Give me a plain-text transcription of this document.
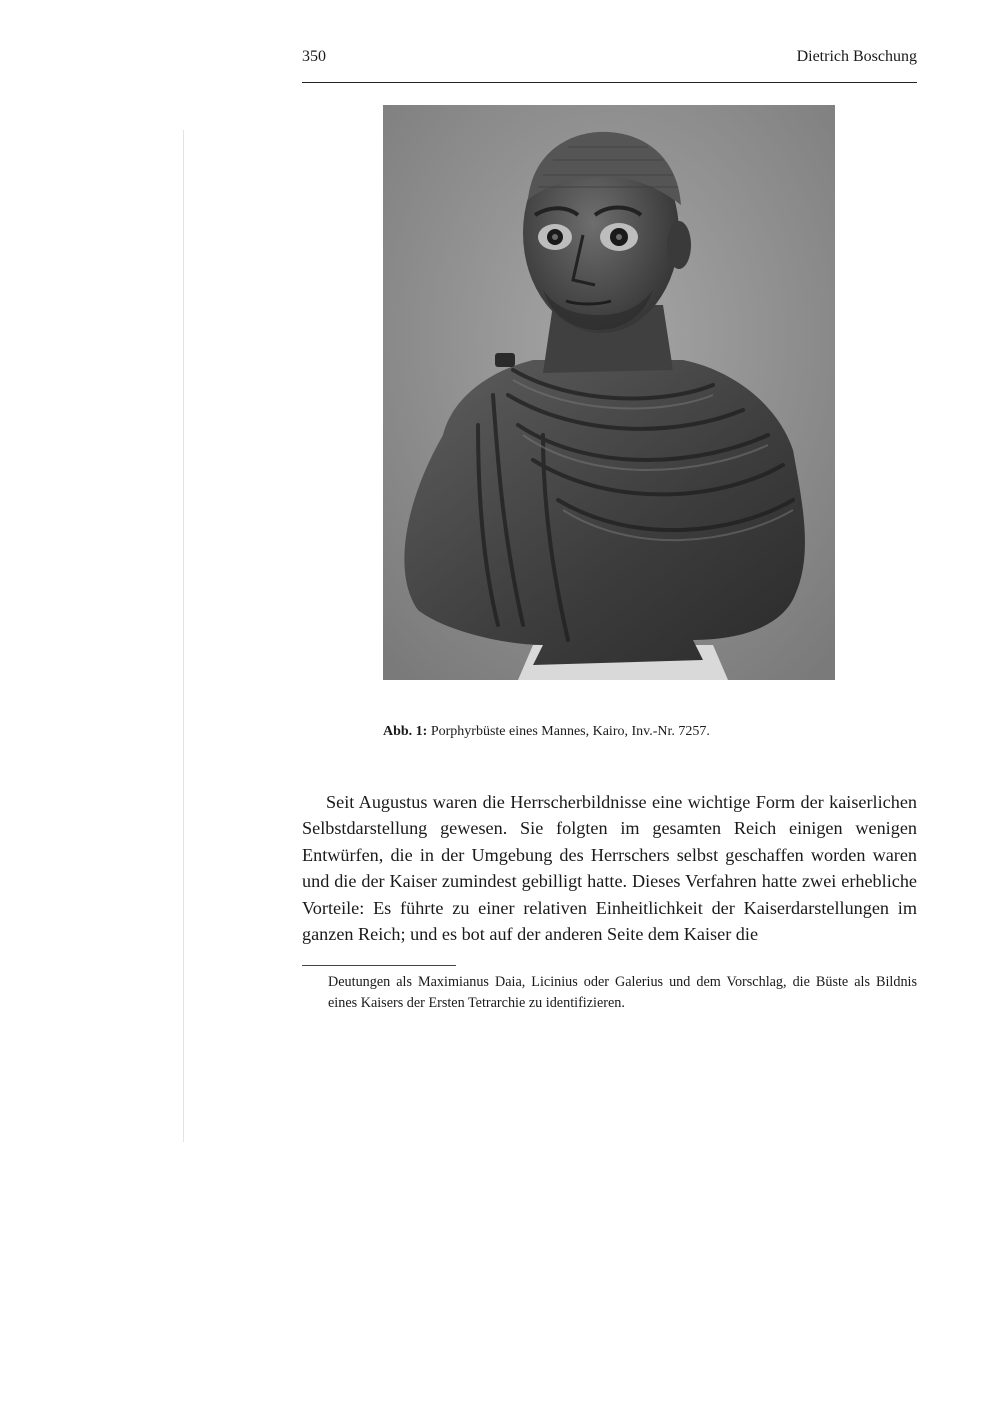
350	Dietrich Boschung
Abb. 1: Porphyrbüste eines Mannes, Kairo, Inv.-Nr. 7257.

Seit Augustus waren die Herrscherbildnisse eine wichtige Form der kaiserlichen Selbstdarstellung gewesen. Sie folgten im gesamten Reich einigen wenigen Entwürfen, die in der Umgebung des Herrschers selbst geschaffen worden waren und die der Kaiser zumindest gebilligt hatte. Dieses Verfahren hatte zwei erhebliche Vorteile: Es führte zu einer relativen Einheitlichkeit der Kaiserdarstellungen im ganzen Reich; und es bot auf der anderen Seite dem Kaiser die

Deutungen als Maximianus Daia, Licinius oder Galerius und dem Vorschlag, die Büste als Bildnis eines Kaisers der Ersten Tetrarchie zu identifizieren.
